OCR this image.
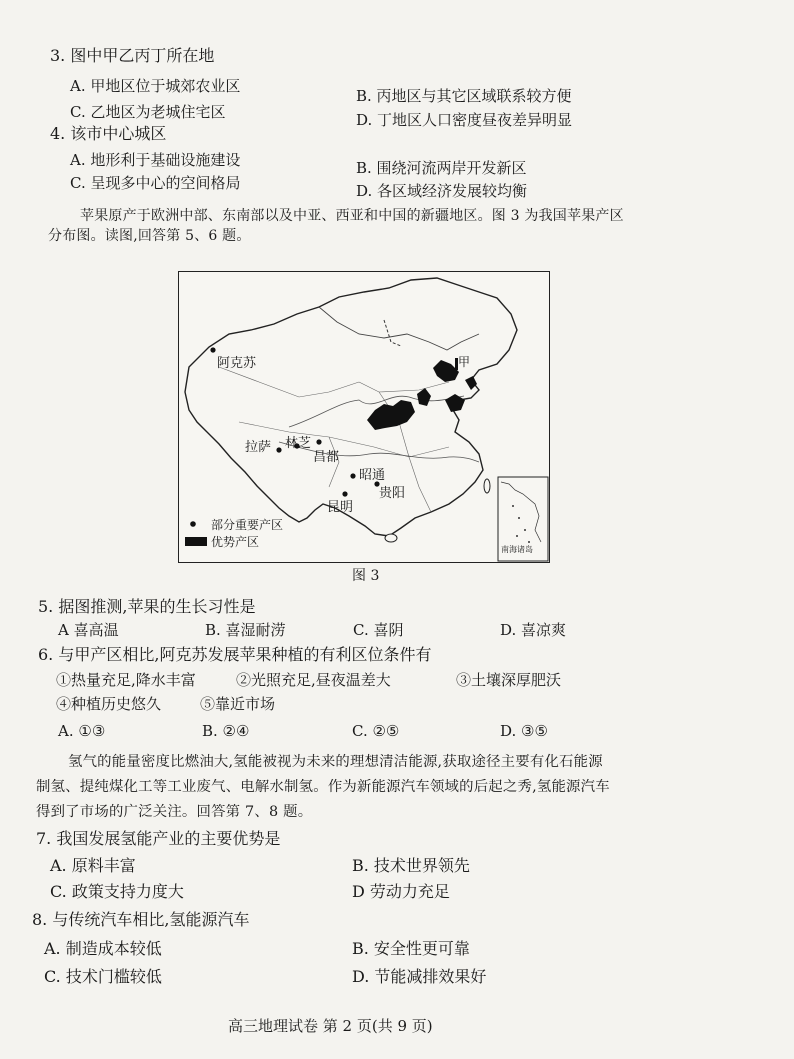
3. 图中甲乙丙丁所在地
A. 甲地区位于城郊农业区
B. 丙地区与其它区域联系较方便
C. 乙地区为老城住宅区	D. 丁地区人口密度昼夜差异明显
4. 该市中心城区
A. 地形利于基础设施建设	B. 围绕河流两岸开发新区
C. 呈现多中心的空间格局	D. 各区域经济发展较均衡
苹果原产于欧洲中部、东南部以及中亚、西亚和中国的新疆地区。图 3 为我国苹果产区
分布图。读图,回答第 5、6 题。
阿克苏	甲
拉萨 林芝
昌都
昭通
贵阳
昆明
部分重要产区
优势产区
南海诸岛
图 3
5. 据图推测,苹果的生长习性是
A 喜高温	B. 喜湿耐涝	C. 喜阴	D. 喜凉爽
6. 与甲产区相比,阿克苏发展苹果种植的有利区位条件有
①热量充足,降水丰富	②光照充足,昼夜温差大	③土壤深厚肥沃
④种植历史悠久	⑤靠近市场
A. ①③	B. ②④	C. ②⑤	D. ③⑤
氢气的能量密度比燃油大,氢能被视为未来的理想清洁能源,获取途径主要有化石能源
制氢、提纯煤化工等工业废气、电解水制氢。作为新能源汽车领域的后起之秀,氢能源汽车
得到了市场的广泛关注。回答第 7、8 题。
7. 我国发展氢能产业的主要优势是
A. 原料丰富	B. 技术世界领先
C. 政策支持力度大	D 劳动力充足
8. 与传统汽车相比,氢能源汽车
A. 制造成本较低	B. 安全性更可靠
C. 技术门槛较低	D. 节能减排效果好
高三地理试卷 第 2 页(共 9 页)
